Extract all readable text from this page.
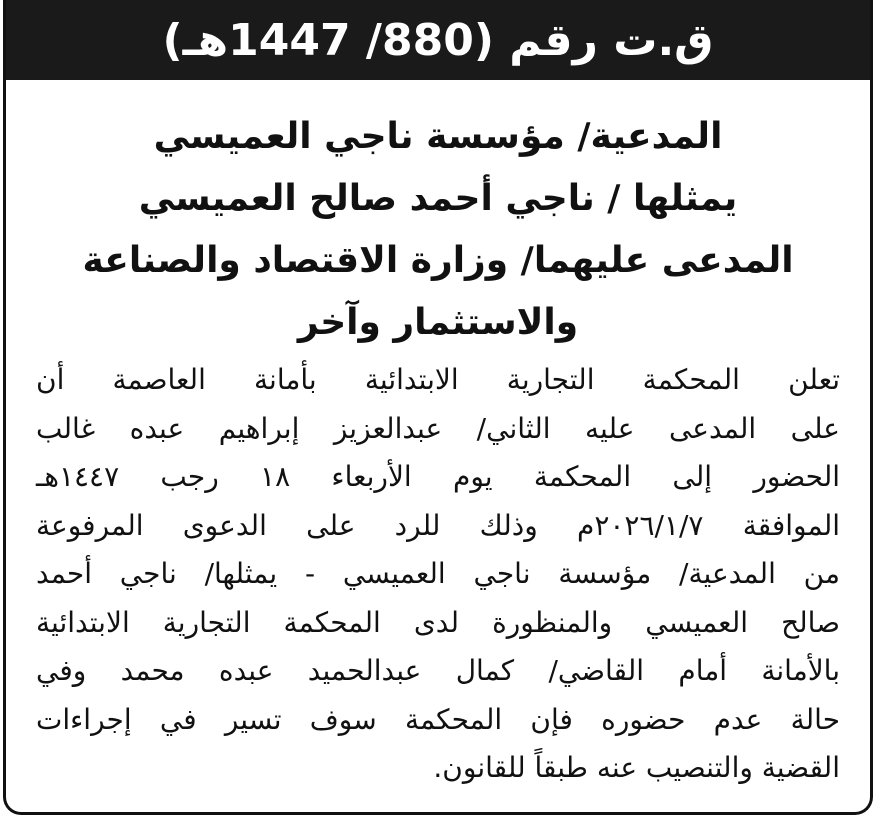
ق.ت رقم (880/ 1447هـ)
المدعية/ مؤسسة ناجي العميسي
يمثلها / ناجي أحمد صالح العميسي
المدعى عليهما/ وزارة الاقتصاد والصناعة
والاستثمار وآخر
تعلن المحكمة التجارية الابتدائية بأمانة العاصمة أن
على المدعى عليه الثاني/ عبدالعزيز إبراهيم عبده غالب
الحضور إلى المحكمة يوم الأربعاء ١٨ رجب ١٤٤٧هـ
الموافقة ٢٠٢٦/١/٧م وذلك للرد على الدعوى المرفوعة
من المدعية/ مؤسسة ناجي العميسي - يمثلها/ ناجي أحمد
صالح العميسي والمنظورة لدى المحكمة التجارية الابتدائية
بالأمانة أمام القاضي/ كمال عبدالحميد عبده محمد وفي
حالة عدم حضوره فإن المحكمة سوف تسير في إجراءات
القضية والتنصيب عنه طبقاً للقانون.
